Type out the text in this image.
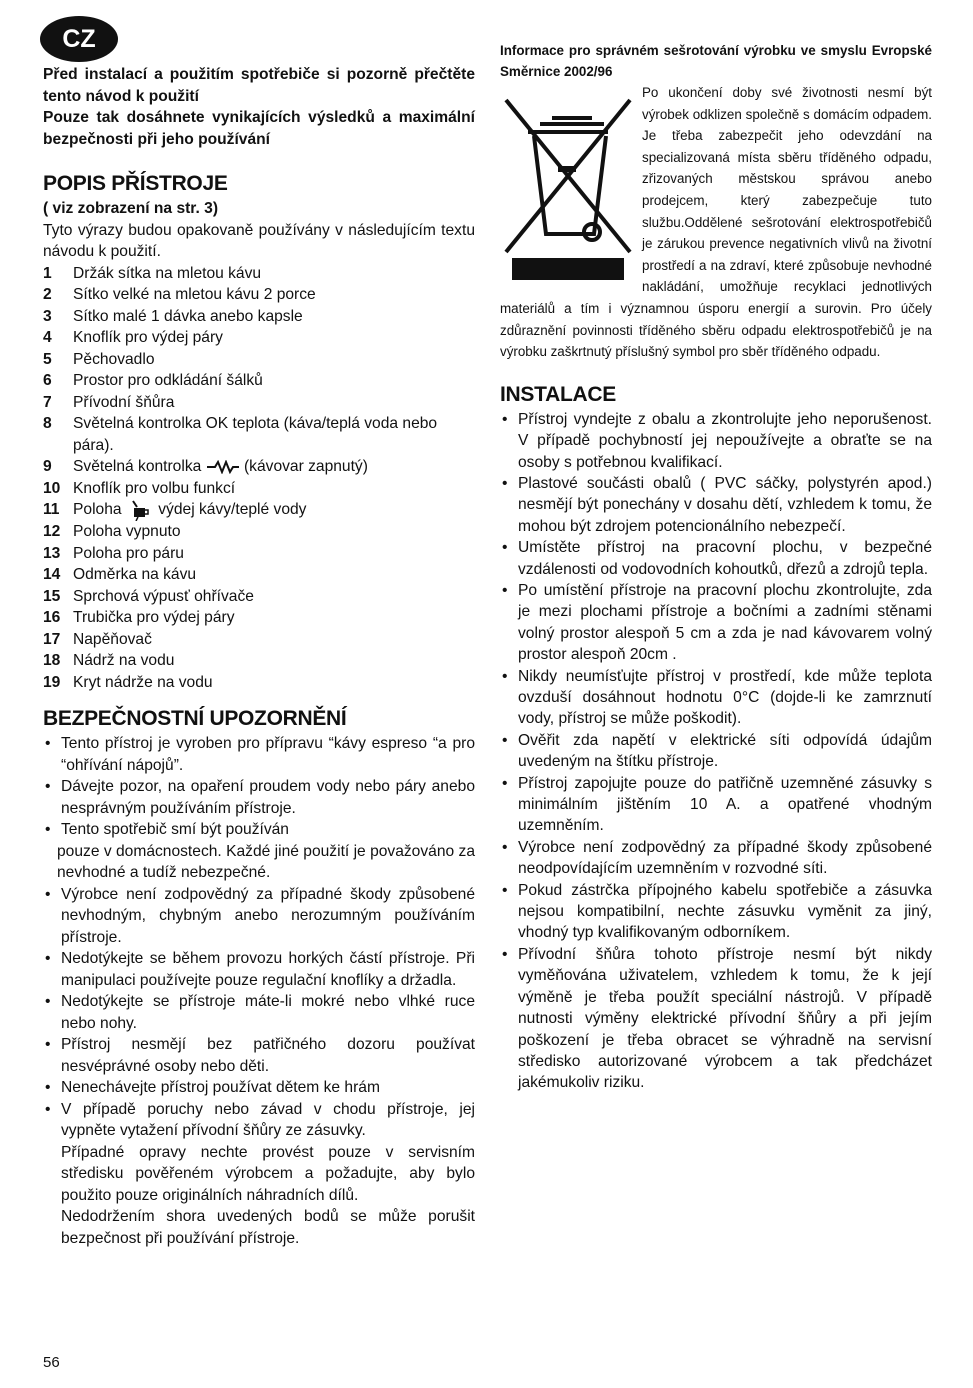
CZ

Před instalací a použitím spotřebiče si pozorně přečtěte tento návod k použití

Pouze tak dosáhnete vynikajících výsledků a maximální bezpečnosti při jeho používání

POPIS PŘÍSTROJE

( viz zobrazení na str. 3)

Tyto výrazy budou opakovaně používány v následujícím textu návodu k použití.

1	Držák sítka na mletou kávu
2	Sítko velké na mletou kávu 2 porce
3	Sítko malé 1 dávka anebo kapsle
4	Knoflík pro výdej páry
5	Pěchovadlo
6	Prostor pro odkládání šálků
7	Přívodní šňůra
8	Světelná kontrolka OK teplota (káva/teplá voda nebo pára).
9	Světelná kontrolka	(kávovar zapnutý)
10 Knoflík pro volbu funkcí
11 Poloha výdej kávy/teplé vody
12 Poloha vypnuto
13 Poloha pro páru
14 Odměrka na kávu
15 Sprchová výpusť ohřívače
16 Trubička pro výdej páry
17 Napěňovač
18 Nádrž na vodu
19 Kryt nádrže na vodu
BEZPEČNOSTNÍ UPOZORNĚNÍ
• Tento přístroj je vyroben pro přípravu “kávy espreso “a pro “ohřívání nápojů”.
• Dávejte pozor, na opaření proudem vody nebo páry anebo nesprávným používáním přístroje.
• Tento spotřebič smí být používán

pouze v domácnostech. Každé jiné použití je považováno za nevhodné a tudíž nebezpečné.

• Výrobce není zodpovědný za případné škody způsobené nevhodným, chybným anebo nerozumným používáním přístroje.
• Nedotýkejte se během provozu horkých částí přístroje. Při manipulaci používejte pouze regulační knoflíky a držadla.
• Nedotýkejte se přístroje máte-li mokré nebo vlhké ruce nebo nohy.
• Přístroj nesmějí bez patřičného dozoru používat nesvéprávné osoby nebo děti.
• Nenechávejte přístroj používat dětem ke hrám
• V případě poruchy nebo závad v chodu přístroje, jej vypněte vytažení přívodní šňůry ze zásuvky.

Případné opravy nechte provést pouze v servisním středisku pověřeném výrobcem a požadujte, aby bylo použito pouze originálních náhradních dílů.

Nedodržením shora uvedených bodů se může porušit bezpečnost při používání přístroje.

Informace pro správném sešrotování výrobku ve smyslu Evropské Směrnice 2002/96

Po ukončení doby své životnosti nesmí být výrobek odklizen společně s domácím odpadem. Je třeba zabezpečit jeho odevzdání na specializovaná místa sběru tříděného odpadu, zřizovaných městskou správou anebo prodejcem, který zabezpečuje tuto službu.Oddělené sešrotování elektrospotřebičů je zárukou prevence negativních vlivů na životní prostředí a na zdraví, které způsobuje nevhodné nakládání, umožňuje recyklaci jednotlivých materiálů a tím i významnou úsporu energií a surovin. Pro účely zdůraznění povinnosti tříděného sběru odpadu elektrospotřebičů je na výrobku zaškrtnutý příslušný symbol pro sběr tříděného odpadu.
INSTALACE
• Přístroj vyndejte z obalu a zkontrolujte jeho neporušenost. V případě pochybností jej nepoužívejte a obraťte se na osoby s potřebnou kvalifikací.
• Plastové součásti obalů ( PVC sáčky, polystyrén apod.) nesmějí být ponechány v dosahu dětí, vzhledem k tomu, že mohou být zdrojem potencionálního nebezpečí.
• Umístěte přístroj na pracovní plochu, v bezpečné vzdálenosti od vodovodních kohoutků, dřezů a zdrojů tepla.
• Po umístění přístroje na pracovní plochu zkontrolujte, zda je mezi plochami přístroje a bočními a zadními stěnami volný prostor alespoň 5 cm a zda je nad kávovarem volný prostor alespoň 20cm .
• Nikdy neumísťujte přístroj v prostředí, kde může teplota ovzduší dosáhnout hodnotu 0°C (dojde-li ke zamrznutí vody, přístroj se může poškodit).
• Ověřit zda napětí v elektrické síti odpovídá údajům uvedeným na štítku přístroje.
• Přístroj zapojujte pouze do patřičně uzemněné zásuvky s minimálním jištěním 10 A. a opatřené vhodným uzemněním.
• Výrobce není zodpovědný za případné škody způsobené neodpovídajícím uzemněním v rozvodné síti.
• Pokud zástrčka přípojného kabelu spotřebiče a zásuvka nejsou kompatibilní, nechte zásuvku vyměnit za jiný, vhodný typ kvalifikovaným odborníkem.
• Přívodní šňůra tohoto přístroje nesmí být nikdy vyměňována uživatelem, vzhledem k tomu, že k její výměně je třeba použít speciální nástrojů. V případě nutnosti výměny elektrické přívodní šňůry a při jejím poškození je třeba obracet se výhradně na servisní středisko autorizované výrobcem a tak předcházet jakémukoliv riziku.
56
